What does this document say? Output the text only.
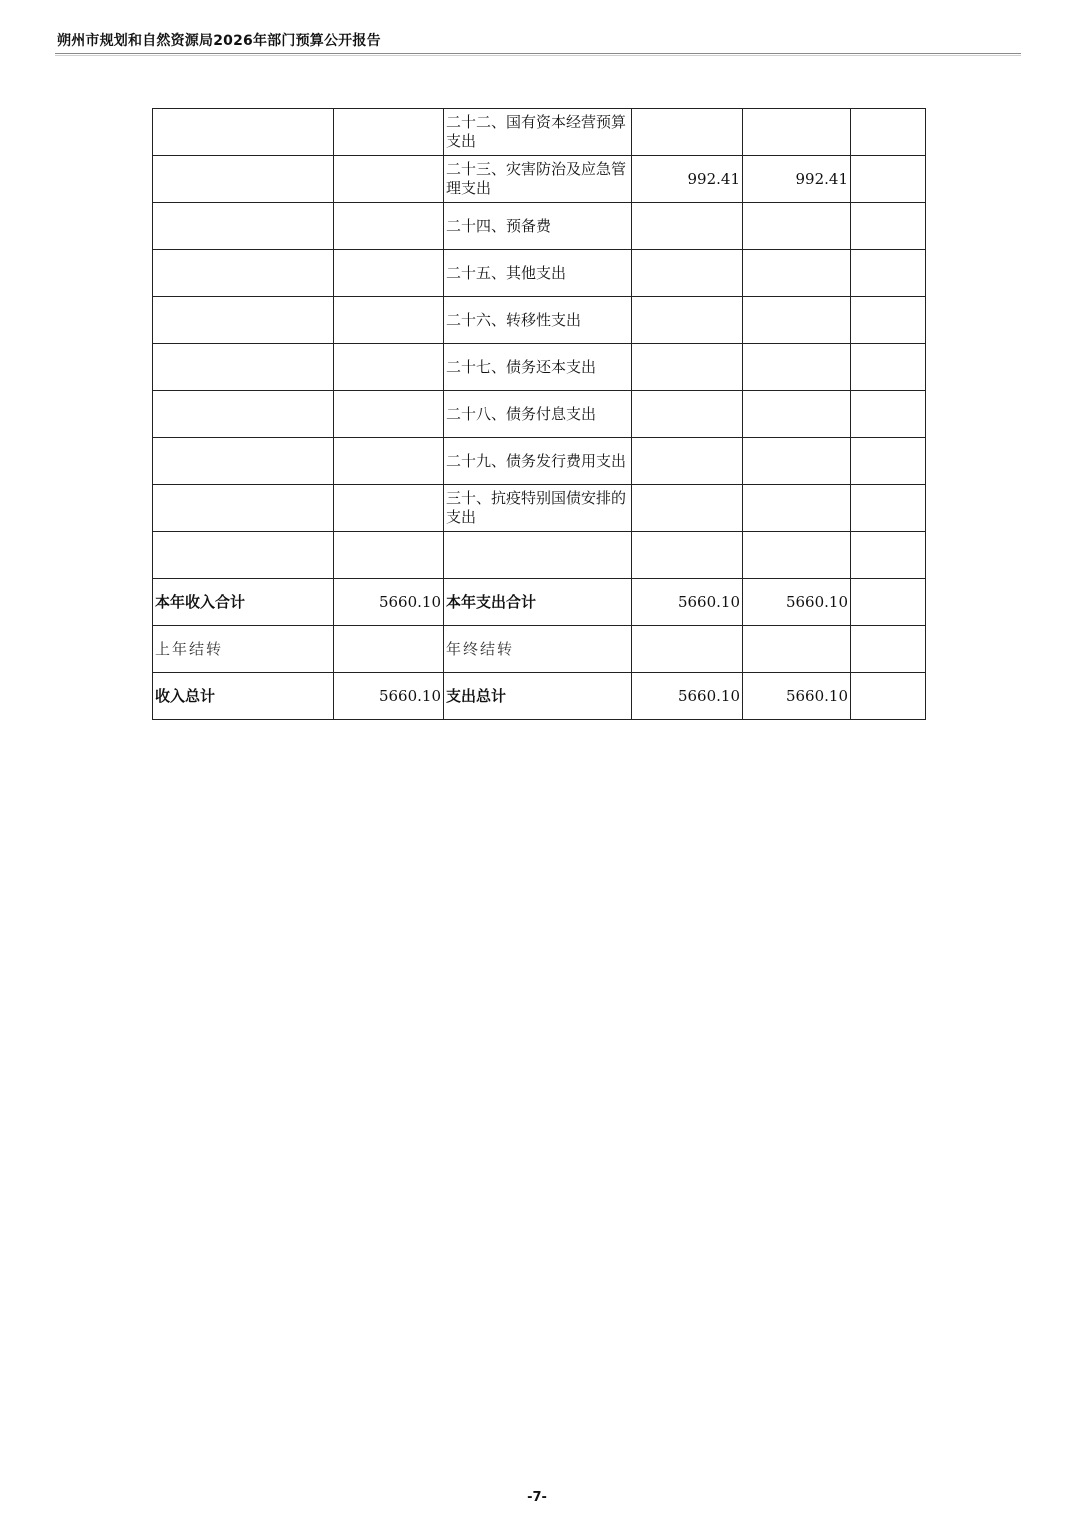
朔州市规划和自然资源局2026年部门预算公开报告
		二十二、国有资本经营预算支出			
		二十三、灾害防治及应急管理支出	992.41	992.41	
		二十四、预备费			
		二十五、其他支出			
		二十六、转移性支出			
		二十七、债务还本支出			
		二十八、债务付息支出			
		二十九、债务发行费用支出			
		三十、抗疫特别国债安排的支出			

本年收入合计	5660.10	本年支出合计	5660.10	5660.10	
上年结转		年终结转			
收入总计	5660.10	支出总计	5660.10	5660.10	
-7-
